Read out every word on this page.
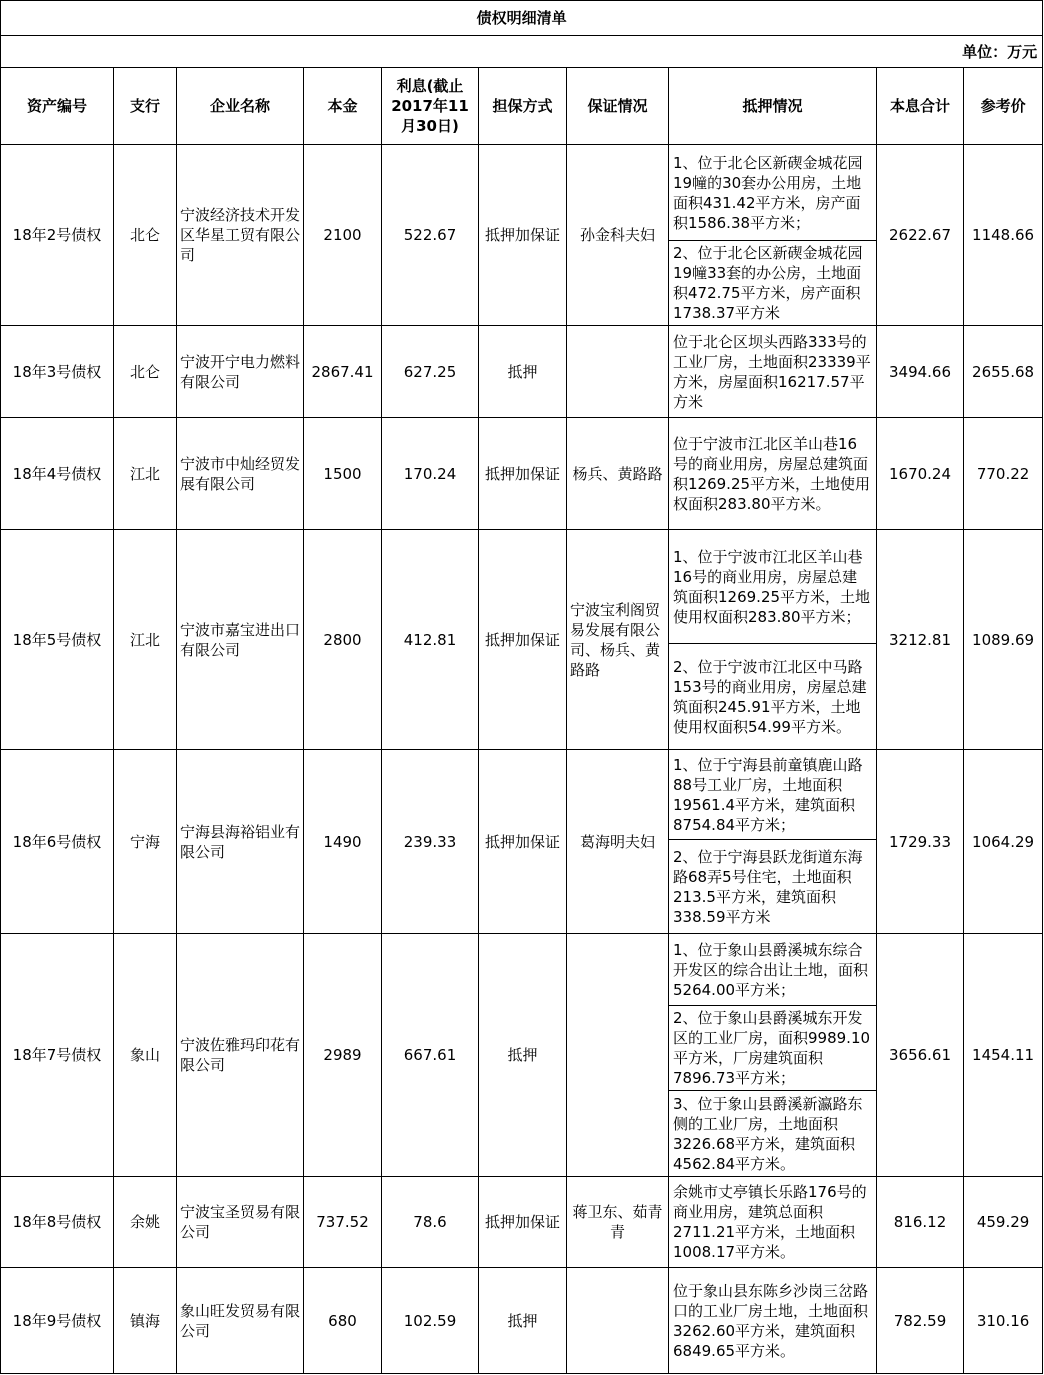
债权明细清单									
单位：万元									
资产编号	支行	企业名称	本金	利息(截止2017年11月30日)	担保方式	保证情况	抵押情况	本息合计	参考价
18年2号债权	北仑	宁波经济技术开发区华星工贸有限公司	2100	522.67	抵押加保证	孙金科夫妇	1、位于北仑区新碶金城花园19幢的30套办公用房，土地面积431.42平方米，房产面积1586.38平方米；	2622.67	1148.66
							2、位于北仑区新碶金城花园19幢33套的办公房，土地面积472.75平方米，房产面积1738.37平方米		
18年3号债权	北仑	宁波开宁电力燃料有限公司	2867.41	627.25	抵押		位于北仑区坝头西路333号的工业厂房，土地面积23339平方米，房屋面积16217.57平方米	3494.66	2655.68
18年4号债权	江北	宁波市中灿经贸发展有限公司	1500	170.24	抵押加保证	杨兵、黄路路	位于宁波市江北区羊山巷16号的商业用房，房屋总建筑面积1269.25平方米，土地使用权面积283.80平方米。	1670.24	770.22
18年5号债权	江北	宁波市嘉宝进出口有限公司	2800	412.81	抵押加保证	宁波宝利阁贸易发展有限公司、杨兵、黄路路	1、位于宁波市江北区羊山巷16号的商业用房，房屋总建筑面积1269.25平方米，土地使用权面积283.80平方米；	3212.81	1089.69
							2、位于宁波市江北区中马路153号的商业用房，房屋总建筑面积245.91平方米，土地使用权面积54.99平方米。		
18年6号债权	宁海	宁海县海裕铝业有限公司	1490	239.33	抵押加保证	葛海明夫妇	1、位于宁海县前童镇鹿山路88号工业厂房，土地面积19561.4平方米，建筑面积8754.84平方米；	1729.33	1064.29
							2、位于宁海县跃龙街道东海路68弄5号住宅，土地面积213.5平方米，建筑面积338.59平方米		
18年7号债权	象山	宁波佐雅玛印花有限公司	2989	667.61	抵押		1、位于象山县爵溪城东综合开发区的综合出让土地，面积5264.00平方米；	3656.61	1454.11
							2、位于象山县爵溪城东开发区的工业厂房，面积9989.10平方米，厂房建筑面积7896.73平方米；		
							3、位于象山县爵溪新瀛路东侧的工业厂房，土地面积3226.68平方米，建筑面积4562.84平方米。		
18年8号债权	余姚	宁波宝圣贸易有限公司	737.52	78.6	抵押加保证	蒋卫东、茹青青	余姚市丈亭镇长乐路176号的商业用房，建筑总面积2711.21平方米，土地面积1008.17平方米。	816.12	459.29
18年9号债权	镇海	象山旺发贸易有限公司	680	102.59	抵押		位于象山县东陈乡沙岗三岔路口的工业厂房土地，土地面积3262.60平方米，建筑面积6849.65平方米。	782.59	310.16
